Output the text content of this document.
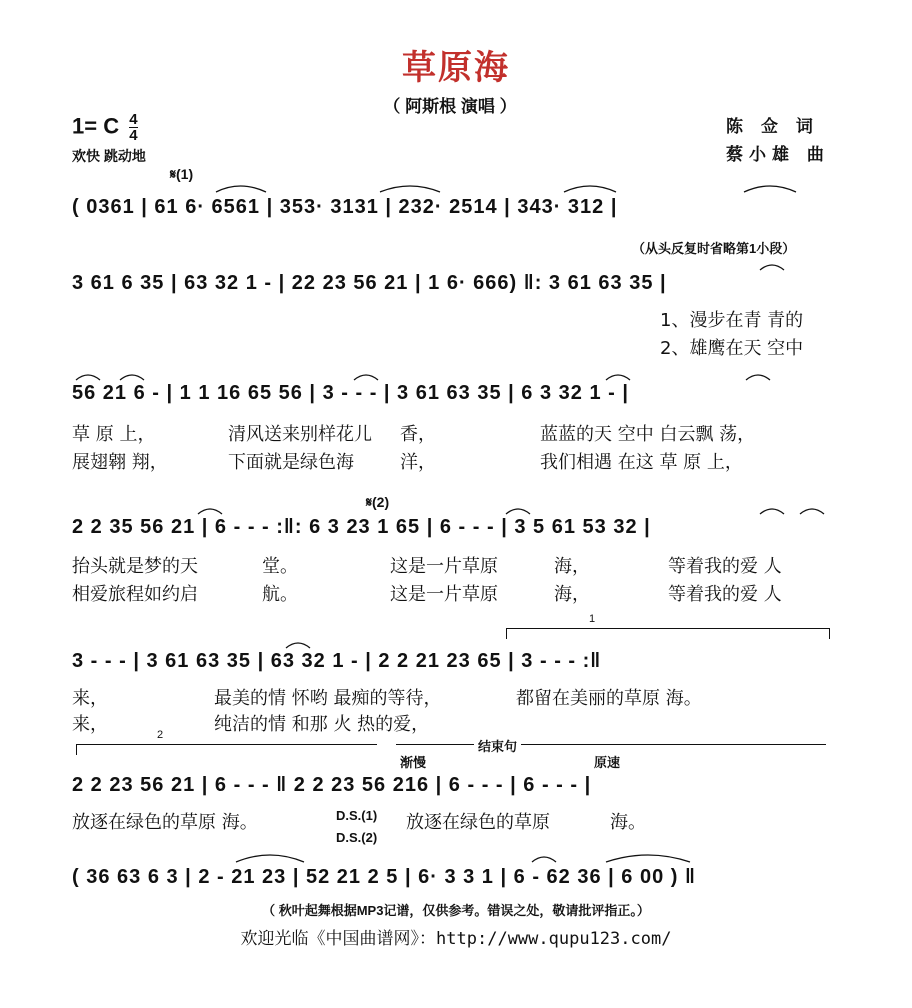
草原海
（ 阿斯根 演唱 ）
1= C $\frac{4}{4}$
欢快 跳动地
陈 佥 词
蔡小雄 曲
𝄋(1)
( 0361 | 61 6· 6561 | 353· 3131 | 232· 2514 | 343· 312 |
（从头反复时省略第1小段）
3 61 6 35 | 63 32 1 - | 22 23 56 21 | 1 6· 666) ‖: 3 61 63 35 |
1、漫步在青 青的
2、雄鹰在天 空中
56 21 6 - | 1 1 16 65 56 | 3 - - - | 3 61 63 35 | 6 3 32 1 - |
草 原 上，	清风送来别样花儿 香，	蓝蓝的天 空中 白云飘 荡，
展翅翱 翔，	下面就是绿色海	洋，	我们相遇 在这 草 原 上，
𝄋(2)
2 2 35 56 21 | 6 - - - :‖: 6 3 23 1 65 | 6 - - - | 3 5 61 53 32 |
抬头就是梦的天	堂。	这是一片草原	海，	等着我的爱 人
相爱旅程如约启	航。	这是一片草原	海，	等着我的爱 人
1
3 - - - | 3 61 63 35 | 63 32 1 - | 2 2 21 23 65 | 3 - - - :‖
来，	最美的情 怀哟 最痴的等待，	都留在美丽的草原 海。
来，	纯洁的情 和那 火 热的爱，
2
结束句
渐慢	原速
2 2 23 56 21 | 6 - - - ‖ 2 2 23 56 216 | 6 - - - | 6 - - - |
放逐在绿色的草原 海。	D.S.(1)
D.S.(2)
放逐在绿色的草原	海。
( 36 63 6 3 | 2 - 21 23 | 52 21 2 5 | 6· 3 3 1 | 6 - 62 36 | 6 00 ) ‖
（ 秋叶起舞根据MP3记谱，仅供参考。错误之处，敬请批评指正。）
欢迎光临《中国曲谱网》：http://www.qupu123.com/
